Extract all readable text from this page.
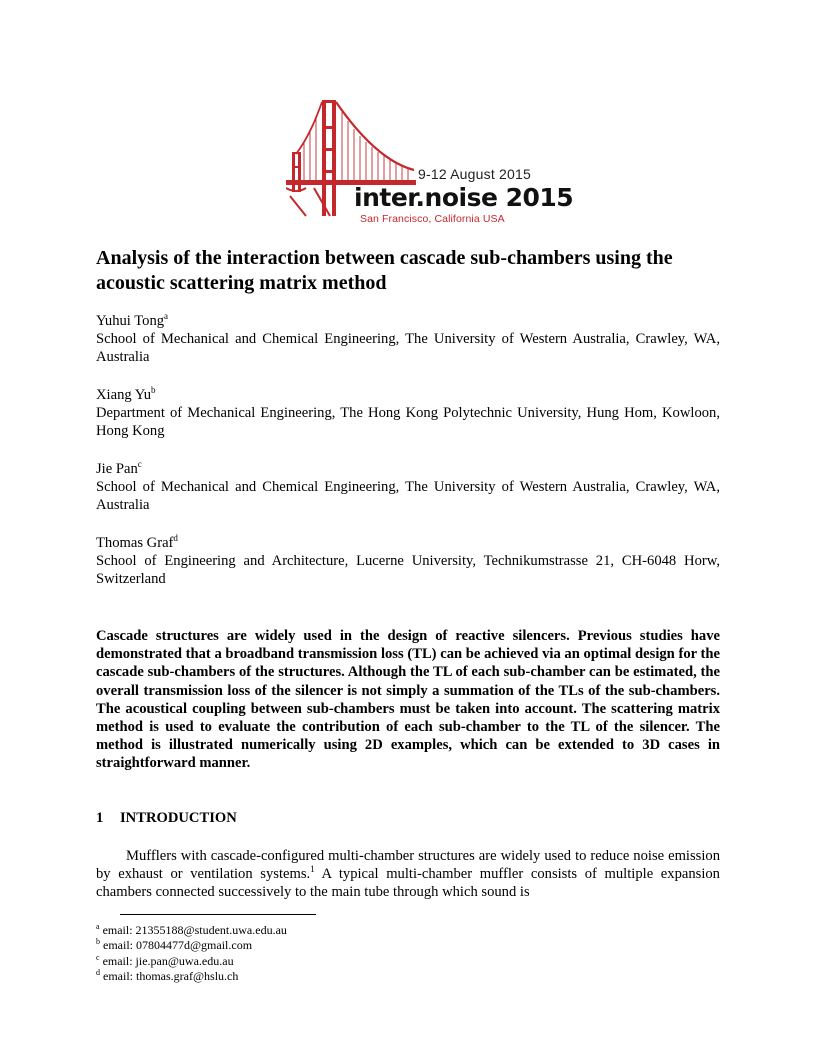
9-12 August 2015
inter.noise 2015
San Francisco, California USA
Analysis of the interaction between cascade sub-chambers using the acoustic scattering matrix method
Yuhui Tong$^a$
School of Mechanical and Chemical Engineering, The University of Western Australia, Crawley, WA, Australia
Xiang Yu$^b$
Department of Mechanical Engineering, The Hong Kong Polytechnic University, Hung Hom, Kowloon, Hong Kong
Jie Pan$^c$
School of Mechanical and Chemical Engineering, The University of Western Australia, Crawley, WA, Australia
Thomas Graf$^d$
School of Engineering and Architecture, Lucerne University, Technikumstrasse 21, CH-6048 Horw, Switzerland

Cascade structures are widely used in the design of reactive silencers. Previous studies have demonstrated that a broadband transmission loss (TL) can be achieved via an optimal design for the cascade sub-chambers of the structures. Although the TL of each sub-chamber can be estimated, the overall transmission loss of the silencer is not simply a summation of the TLs of the sub-chambers. The acoustical coupling between sub-chambers must be taken into account. The scattering matrix method is used to evaluate the contribution of each sub-chamber to the TL of the silencer. The method is illustrated numerically using 2D examples, which can be extended to 3D cases in straightforward manner.

1 INTRODUCTION

Mufflers with cascade-configured multi-chamber structures are widely used to reduce noise emission by exhaust or ventilation systems.$^1$ A typical multi-chamber muffler consists of multiple expansion chambers connected successively to the main tube through which sound is

$^a$ email: 21355188@student.uwa.edu.au
$^b$ email: 07804477d@gmail.com
$^c$ email: jie.pan@uwa.edu.au
$^d$ email: thomas.graf@hslu.ch
